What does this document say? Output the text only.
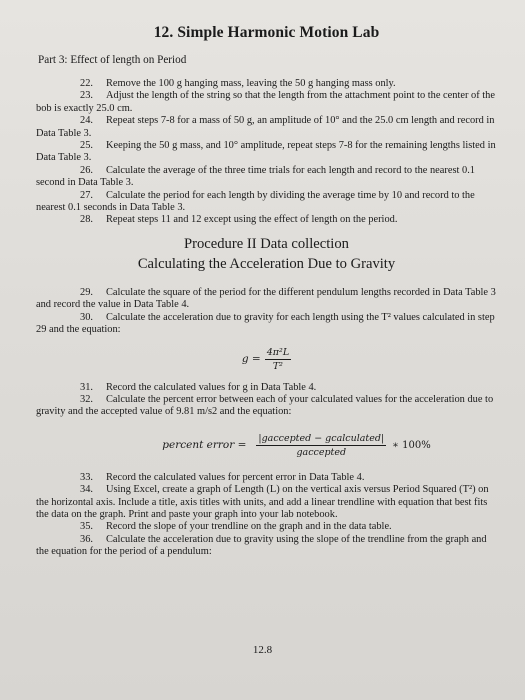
12. Simple Harmonic Motion Lab
Part 3: Effect of length on Period

22. Remove the 100 g hanging mass, leaving the 50 g hanging mass only.

23. Adjust the length of the string so that the length from the attachment point to the center of the bob is exactly 25.0 cm.

24. Repeat steps 7-8 for a mass of 50 g, an amplitude of 10° and the 25.0 cm length and record in Data Table 3.

25. Keeping the 50 g mass, and 10° amplitude, repeat steps 7-8 for the remaining lengths listed in Data Table 3.

26. Calculate the average of the three time trials for each length and record to the nearest 0.1 second in Data Table 3.

27. Calculate the period for each length by dividing the average time by 10 and record to the nearest 0.1 seconds in Data Table 3.

28. Repeat steps 11 and 12 except using the effect of length on the period.

Procedure II Data collection
Calculating the Acceleration Due to Gravity

29. Calculate the square of the period for the different pendulum lengths recorded in Data Table 3 and record the value in Data Table 4.

30. Calculate the acceleration due to gravity for each length using the T² values calculated in step 29 and the equation:

$g = \frac{\text{4π²L}}{\text{T²}}$

31. Record the calculated values for g in Data Table 4.

32. Calculate the percent error between each of your calculated values for the acceleration due to gravity and the accepted value of 9.81 m/s2 and the equation:

percent error = $\frac{\text{|gaccepted − gcalculated|}}{\text{gaccepted}}$ ∗ 100%

33. Record the calculated values for percent error in Data Table 4.

34. Using Excel, create a graph of Length (L) on the vertical axis versus Period Squared (T²) on the horizontal axis. Include a title, axis titles with units, and add a linear trendline with equation that best fits the data on the graph. Print and paste your graph into your lab notebook.

35. Record the slope of your trendline on the graph and in the data table.

36. Calculate the acceleration due to gravity using the slope of the trendline from the graph and the equation for the period of a pendulum:

12.8
